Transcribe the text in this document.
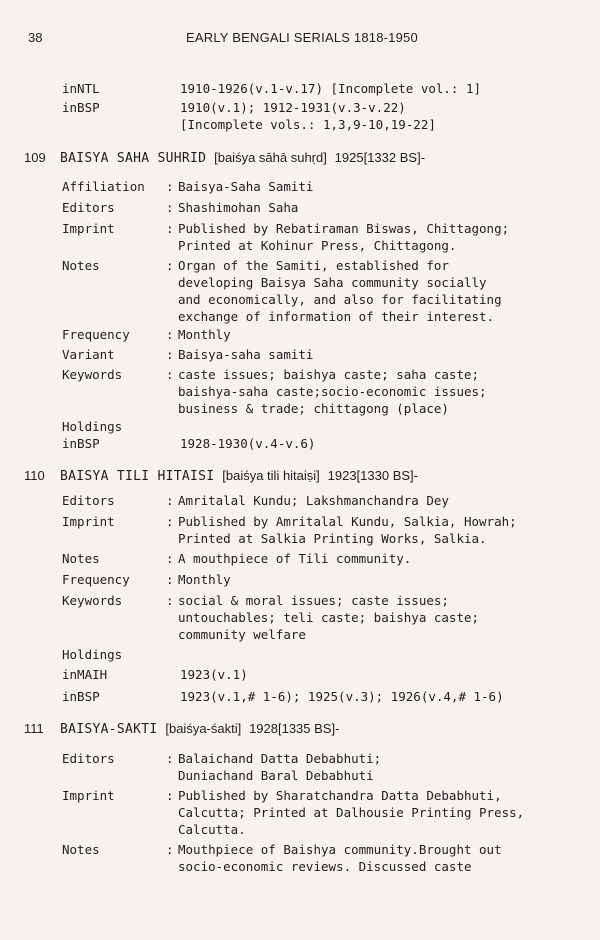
38	EARLY BENGALI SERIALS 1818-1950
inNTL	1910-1926(v.1-v.17) [Incomplete vol.: 1]
inBSP	1910(v.1); 1912-1931(v.3-v.22)
[Incomplete vols.: 1,3,9-10,19-22]
109 BAISYA SAHA SUHRID [baiśya sāhā suhṛd] 1925[1332 BS]-
Affiliation : Baisya-Saha Samiti
Editors	: Shashimohan Saha
Imprint	: Published by Rebatiraman Biswas, Chittagong;
Printed at Kohinur Press, Chittagong.
Notes	: Organ of the Samiti, established for
developing Baisya Saha community socially
and economically, and also for facilitating
exchange of information of their interest.
Frequency	: Monthly
Variant	: Baisya-saha samiti
Keywords	: caste issues; baishya caste; saha caste;
baishya-saha caste;socio-economic issues;
business & trade; chittagong (place)
Holdings
inBSP	1928-1930(v.4-v.6)
110 BAISYA TILI HITAISI [baiśya tili hitaiṣi] 1923[1330 BS]-
Editors	: Amritalal Kundu; Lakshmanchandra Dey
Imprint	: Published by Amritalal Kundu, Salkia, Howrah;
Printed at Salkia Printing Works, Salkia.
Notes	: A mouthpiece of Tili community.
Frequency	: Monthly
Keywords	: social & moral issues; caste issues;
untouchables; teli caste; baishya caste;
community welfare
Holdings
inMAIH	1923(v.1)
inBSP	1923(v.1,# 1-6); 1925(v.3); 1926(v.4,# 1-6)
111 BAISYA-SAKTI [baiśya-śakti] 1928[1335 BS]-
Editors	: Balaichand Datta Debabhuti;
Duniachand Baral Debabhuti
Imprint	: Published by Sharatchandra Datta Debabhuti,
Calcutta; Printed at Dalhousie Printing Press,
Calcutta.
Notes	: Mouthpiece of Baishya community.Brought out
socio-economic reviews. Discussed caste
